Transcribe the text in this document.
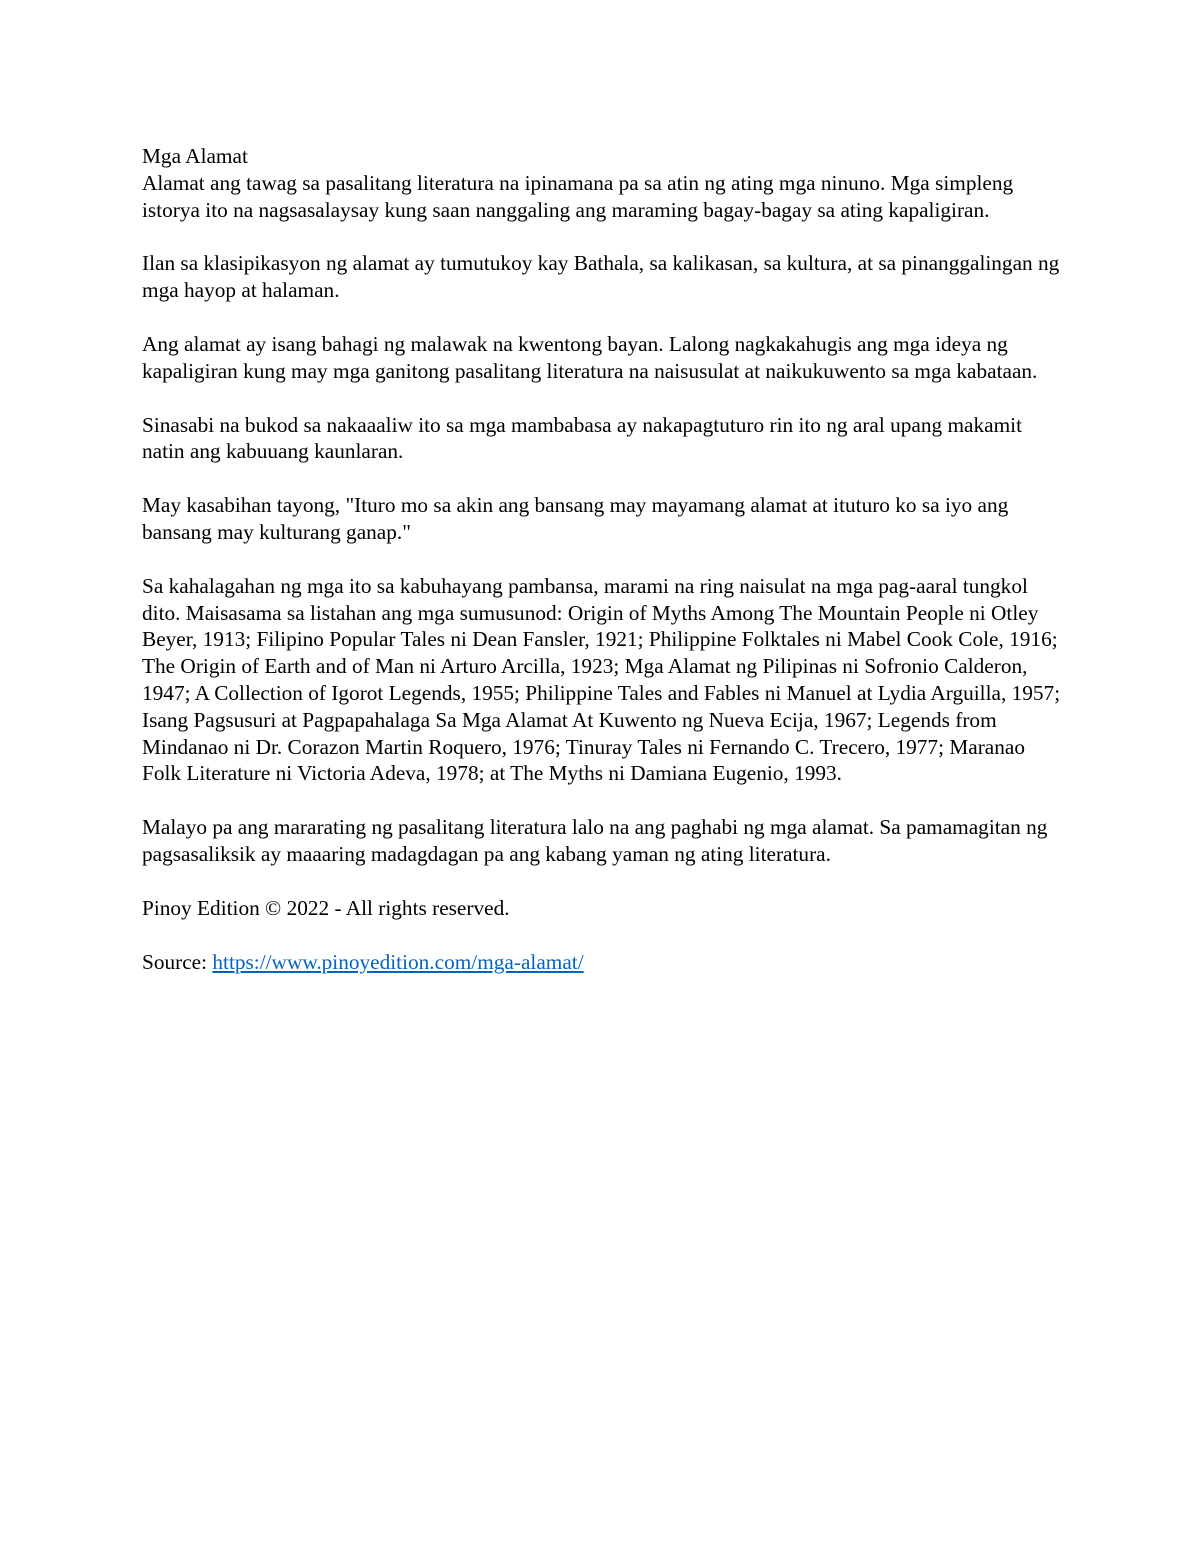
Mga Alamat

Alamat ang tawag sa pasalitang literatura na ipinamana pa sa atin ng ating mga ninuno. Mga simpleng istorya ito na nagsasalaysay kung saan nanggaling ang maraming bagay-bagay sa ating kapaligiran.

Ilan sa klasipikasyon ng alamat ay tumutukoy kay Bathala, sa kalikasan, sa kultura, at sa pinanggalingan ng mga hayop at halaman.

Ang alamat ay isang bahagi ng malawak na kwentong bayan. Lalong nagkakahugis ang mga ideya ng kapaligiran kung may mga ganitong pasalitang literatura na naisusulat at naikukuwento sa mga kabataan.

Sinasabi na bukod sa nakaaaliw ito sa mga mambabasa ay nakapagtuturo rin ito ng aral upang makamit natin ang kabuuang kaunlaran.

May kasabihan tayong, "Ituro mo sa akin ang bansang may mayamang alamat at ituturo ko sa iyo ang bansang may kulturang ganap."

Sa kahalagahan ng mga ito sa kabuhayang pambansa, marami na ring naisulat na mga pag-aaral tungkol dito. Maisasama sa listahan ang mga sumusunod: Origin of Myths Among The Mountain People ni Otley Beyer, 1913; Filipino Popular Tales ni Dean Fansler, 1921; Philippine Folktales ni Mabel Cook Cole, 1916; The Origin of Earth and of Man ni Arturo Arcilla, 1923; Mga Alamat ng Pilipinas ni Sofronio Calderon, 1947; A Collection of Igorot Legends, 1955; Philippine Tales and Fables ni Manuel at Lydia Arguilla, 1957; Isang Pagsusuri at Pagpapahalaga Sa Mga Alamat At Kuwento ng Nueva Ecija, 1967; Legends from Mindanao ni Dr. Corazon Martin Roquero, 1976; Tinuray Tales ni Fernando C. Trecero, 1977; Maranao Folk Literature ni Victoria Adeva, 1978; at The Myths ni Damiana Eugenio, 1993.

Malayo pa ang mararating ng pasalitang literatura lalo na ang paghabi ng mga alamat. Sa pamamagitan ng pagsasaliksik ay maaaring madagdagan pa ang kabang yaman ng ating literatura.

Pinoy Edition © 2022 - All rights reserved.

Source: https://www.pinoyedition.com/mga-alamat/
